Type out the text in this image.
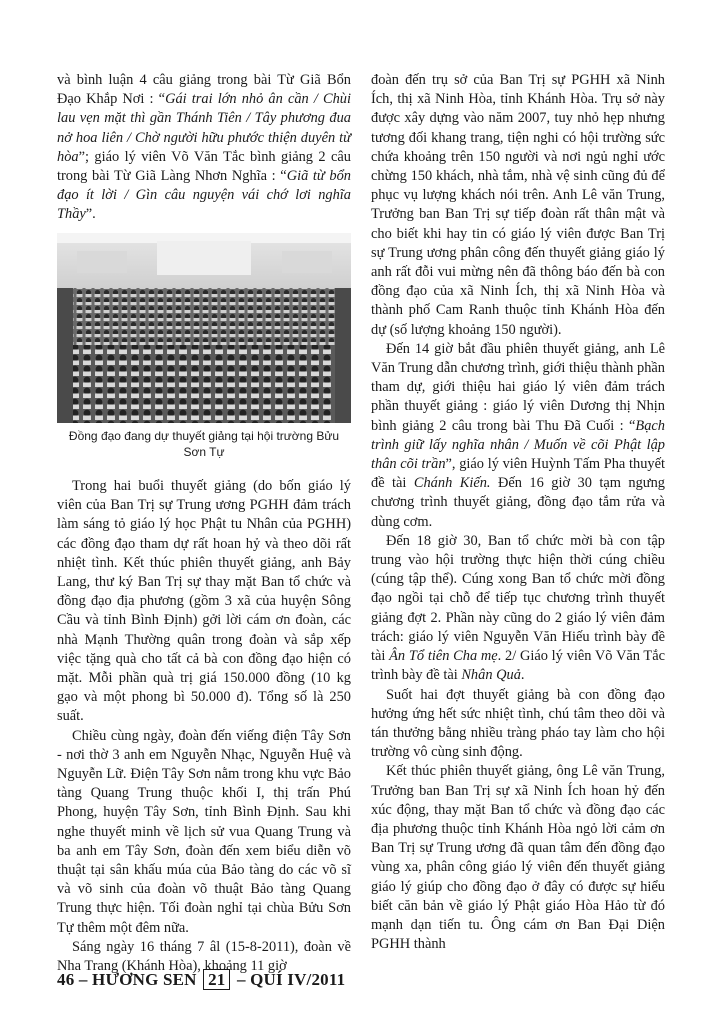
và bình luận 4 câu giảng trong bài Từ Giã Bổn Đạo Khắp Nơi : “Gái trai lớn nhỏ ân cần / Chùi lau vẹn mặt thì gần Thánh Tiên / Tây phương đua nở hoa liên / Chờ người hữu phước thiện duyên từ hòa”; giáo lý viên Võ Văn Tắc bình giảng 2 câu trong bài Từ Giã Làng Nhơn Nghĩa : “Giã từ bổn đạo ít lời / Gìn câu nguyện vái chớ lơi nghĩa Thầy”.

Đồng đạo đang dự thuyết giảng tại hội trường Bửu Sơn Tự

Trong hai buổi thuyết giảng (do bốn giáo lý viên của Ban Trị sự Trung ương PGHH đảm trách làm sáng tỏ giáo lý học Phật tu Nhân của PGHH) các đồng đạo tham dự rất hoan hỷ và theo dõi rất nhiệt tình. Kết thúc phiên thuyết giảng, anh Bảy Lang, thư ký Ban Trị sự thay mặt Ban tổ chức và đồng đạo địa phương (gồm 3 xã của huyện Sông Cầu và tỉnh Bình Định) gởi lời cám ơn đoàn, các nhà Mạnh Thường quân trong đoàn và sắp xếp việc tặng quà cho tất cả bà con đồng đạo hiện có mặt. Mỗi phần quà trị giá 150.000 đồng (10 kg gạo và một phong bì 50.000 đ). Tổng số là 250 suất.

Chiều cùng ngày, đoàn đến viếng điện Tây Sơn - nơi thờ 3 anh em Nguyễn Nhạc, Nguyễn Huệ và Nguyễn Lữ. Điện Tây Sơn nằm trong khu vực Bảo tàng Quang Trung thuộc khối I, thị trấn Phú Phong, huyện Tây Sơn, tỉnh Bình Định. Sau khi nghe thuyết minh về lịch sử vua Quang Trung và ba anh em Tây Sơn, đoàn đến xem biểu diễn võ thuật tại sân khấu múa của Bảo tàng do các võ sĩ và võ sinh của đoàn võ thuật Bảo tàng Quang Trung thực hiện. Tối đoàn nghỉ tại chùa Bửu Sơn Tự thêm một đêm nữa.

Sáng ngày 16 tháng 7 âl (15-8-2011), đoàn về Nha Trang (Khánh Hòa), khoảng 11 giờ

đoàn đến trụ sở của Ban Trị sự PGHH xã Ninh Ích, thị xã Ninh Hòa, tỉnh Khánh Hòa. Trụ sở này được xây dựng vào năm 2007, tuy nhỏ hẹp nhưng tương đối khang trang, tiện nghi có hội trường sức chứa khoảng trên 150 người và nơi ngủ nghỉ ước chừng 150 khách, nhà tắm, nhà vệ sinh cũng đủ để phục vụ lượng khách nói trên. Anh Lê văn Trung, Trưởng ban Ban Trị sự tiếp đoàn rất thân mật và cho biết khi hay tin có giáo lý viên được Ban Trị sự Trung ương phân công đến thuyết giảng giáo lý anh rất đỗi vui mừng nên đã thông báo đến bà con đồng đạo của xã Ninh Ích, thị xã Ninh Hòa và thành phố Cam Ranh thuộc tỉnh Khánh Hòa đến dự (số lượng khoảng 150 người).

Đến 14 giờ bắt đầu phiên thuyết giảng, anh Lê Văn Trung dẫn chương trình, giới thiệu thành phần tham dự, giới thiệu hai giáo lý viên đảm trách phần thuyết giảng : giáo lý viên Dương thị Nhịn bình giảng 2 câu trong bài Thu Đã Cuối : “Bạch trình giữ lấy nghĩa nhân / Muốn về cõi Phật lập thân cõi trần”, giáo lý viên Huỳnh Tấm Pha thuyết đề tài Chánh Kiến. Đến 16 giờ 30 tạm ngưng chương trình thuyết giảng, đồng đạo tắm rửa và dùng cơm.

Đến 18 giờ 30, Ban tổ chức mời bà con tập trung vào hội trường thực hiện thời cúng chiều (cúng tập thể). Cúng xong Ban tổ chức mời đồng đạo ngồi tại chỗ để tiếp tục chương trình thuyết giảng đợt 2. Phần này cũng do 2 giáo lý viên đảm trách: giáo lý viên Nguyễn Văn Hiếu trình bày đề tài Ân Tổ tiên Cha mẹ. 2/ Giáo lý viên Võ Văn Tắc trình bày đề tài Nhân Quả.

Suốt hai đợt thuyết giảng bà con đồng đạo hưởng ứng hết sức nhiệt tình, chú tâm theo dõi và tán thưởng bằng nhiều tràng pháo tay làm cho hội trường vô cùng sinh động.

Kết thúc phiên thuyết giảng, ông Lê văn Trung, Trưởng ban Ban Trị sự xã Ninh Ích hoan hỷ đến xúc động, thay mặt Ban tổ chức và đồng đạo các địa phương thuộc tỉnh Khánh Hòa ngỏ lời cảm ơn Ban Trị sự Trung ương đã quan tâm đến đồng đạo vùng xa, phân công giáo lý viên đến thuyết giảng giáo lý giúp cho đồng đạo ở đây có được sự hiểu biết căn bản về giáo lý Phật giáo Hòa Hảo từ đó mạnh dạn tiến tu. Ông cám ơn Ban Đại Diện PGHH thành

46 – HƯƠNG SEN 21 – QUÍ IV/2011
